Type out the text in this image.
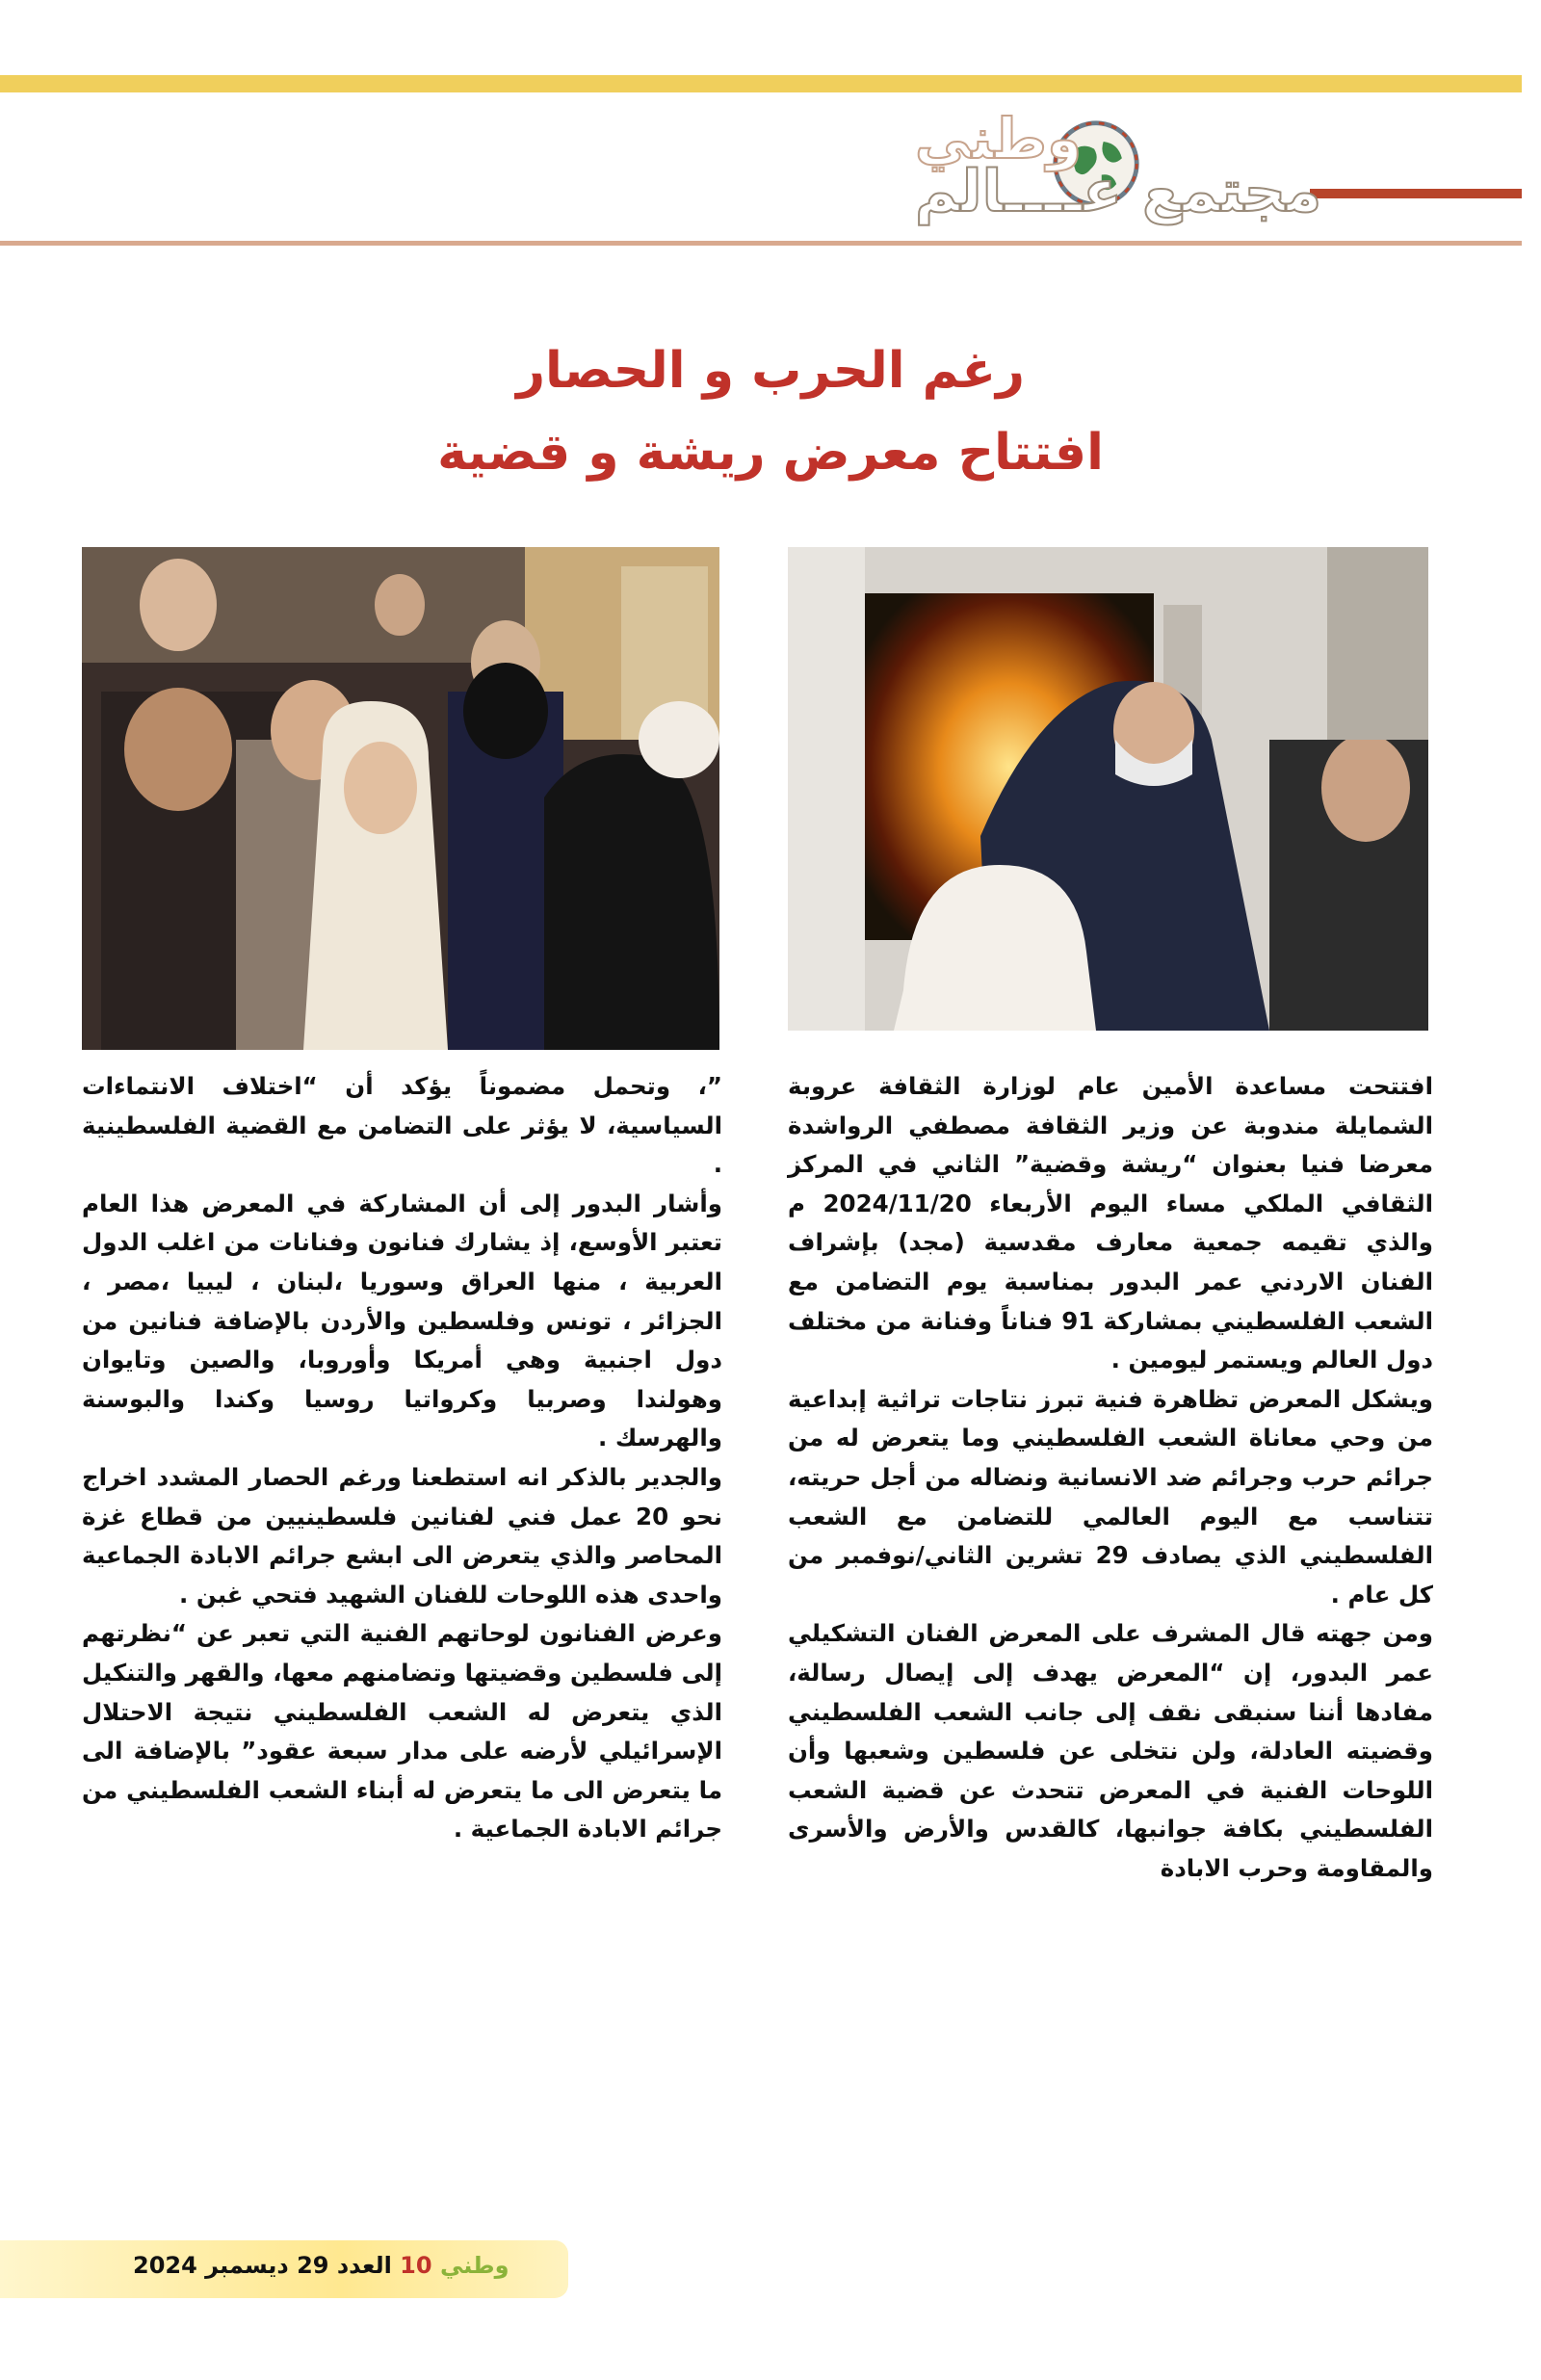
وطني
مجتمع عــــالم
رغم الحرب و الحصار
افتتاح معرض ريشة و قضية

افتتحت مساعدة الأمين عام لوزارة الثقافة عروبة الشمايلة مندوبة عن وزير الثقافة مصطفي الرواشدة معرضا فنيا بعنوان “ريشة وقضية” الثاني في المركز الثقافي الملكي مساء اليوم الأربعاء 2024/11/20 م والذي تقيمه جمعية معارف مقدسية (مجد) بإشراف الفنان الاردني عمر البدور بمناسبة يوم التضامن مع الشعب الفلسطيني بمشاركة 91 فناناً وفنانة من مختلف دول العالم ويستمر ليومين .

ويشكل المعرض تظاهرة فنية تبرز نتاجات تراثية إبداعية من وحي معاناة الشعب الفلسطيني وما يتعرض له من جرائم حرب وجرائم ضد الانسانية ونضاله من أجل حريته، تتناسب مع اليوم العالمي للتضامن مع الشعب الفلسطيني الذي يصادف 29 تشرين الثاني/نوفمبر من كل عام .

ومن جهته قال المشرف على المعرض الفنان التشكيلي عمر البدور، إن “المعرض يهدف إلى إيصال رسالة، مفادها أننا سنبقى نقف إلى جانب الشعب الفلسطيني وقضيته العادلة، ولن نتخلى عن فلسطين وشعبها وأن اللوحات الفنية في المعرض تتحدث عن قضية الشعب الفلسطيني بكافة جوانبها، كالقدس والأرض والأسرى والمقاومة وحرب الابادة

”، وتحمل مضموناً يؤكد أن “اختلاف الانتماءات السياسية، لا يؤثر على التضامن مع القضية الفلسطينية .

وأشار البدور إلى أن المشاركة في المعرض هذا العام تعتبر الأوسع، إذ يشارك فنانون وفنانات من اغلب الدول العربية ، منها العراق وسوريا ،لبنان ، ليبيا ،مصر ، الجزائر ، تونس وفلسطين والأردن بالإضافة فنانين من دول اجنبية وهي أمريكا وأوروبا، والصين وتايوان وهولندا وصربيا وكرواتيا روسيا وكندا والبوسنة والهرسك .

والجدير بالذكر انه استطعنا ورغم الحصار المشدد اخراج نحو 20 عمل فني لفنانين فلسطينيين من قطاع غزة المحاصر والذي يتعرض الى ابشع جرائم الابادة الجماعية واحدى هذه اللوحات للفنان الشهيد فتحي غبن .

وعرض الفنانون لوحاتهم الفنية التي تعبر عن “نظرتهم إلى فلسطين وقضيتها وتضامنهم معها، والقهر والتنكيل الذي يتعرض له الشعب الفلسطيني نتيجة الاحتلال الإسرائيلي لأرضه على مدار سبعة عقود” بالإضافة الى ما يتعرض الى ما يتعرض له أبناء الشعب الفلسطيني من جرائم الابادة الجماعية .

العدد 29 ديسمبر 2024 وطني 10
